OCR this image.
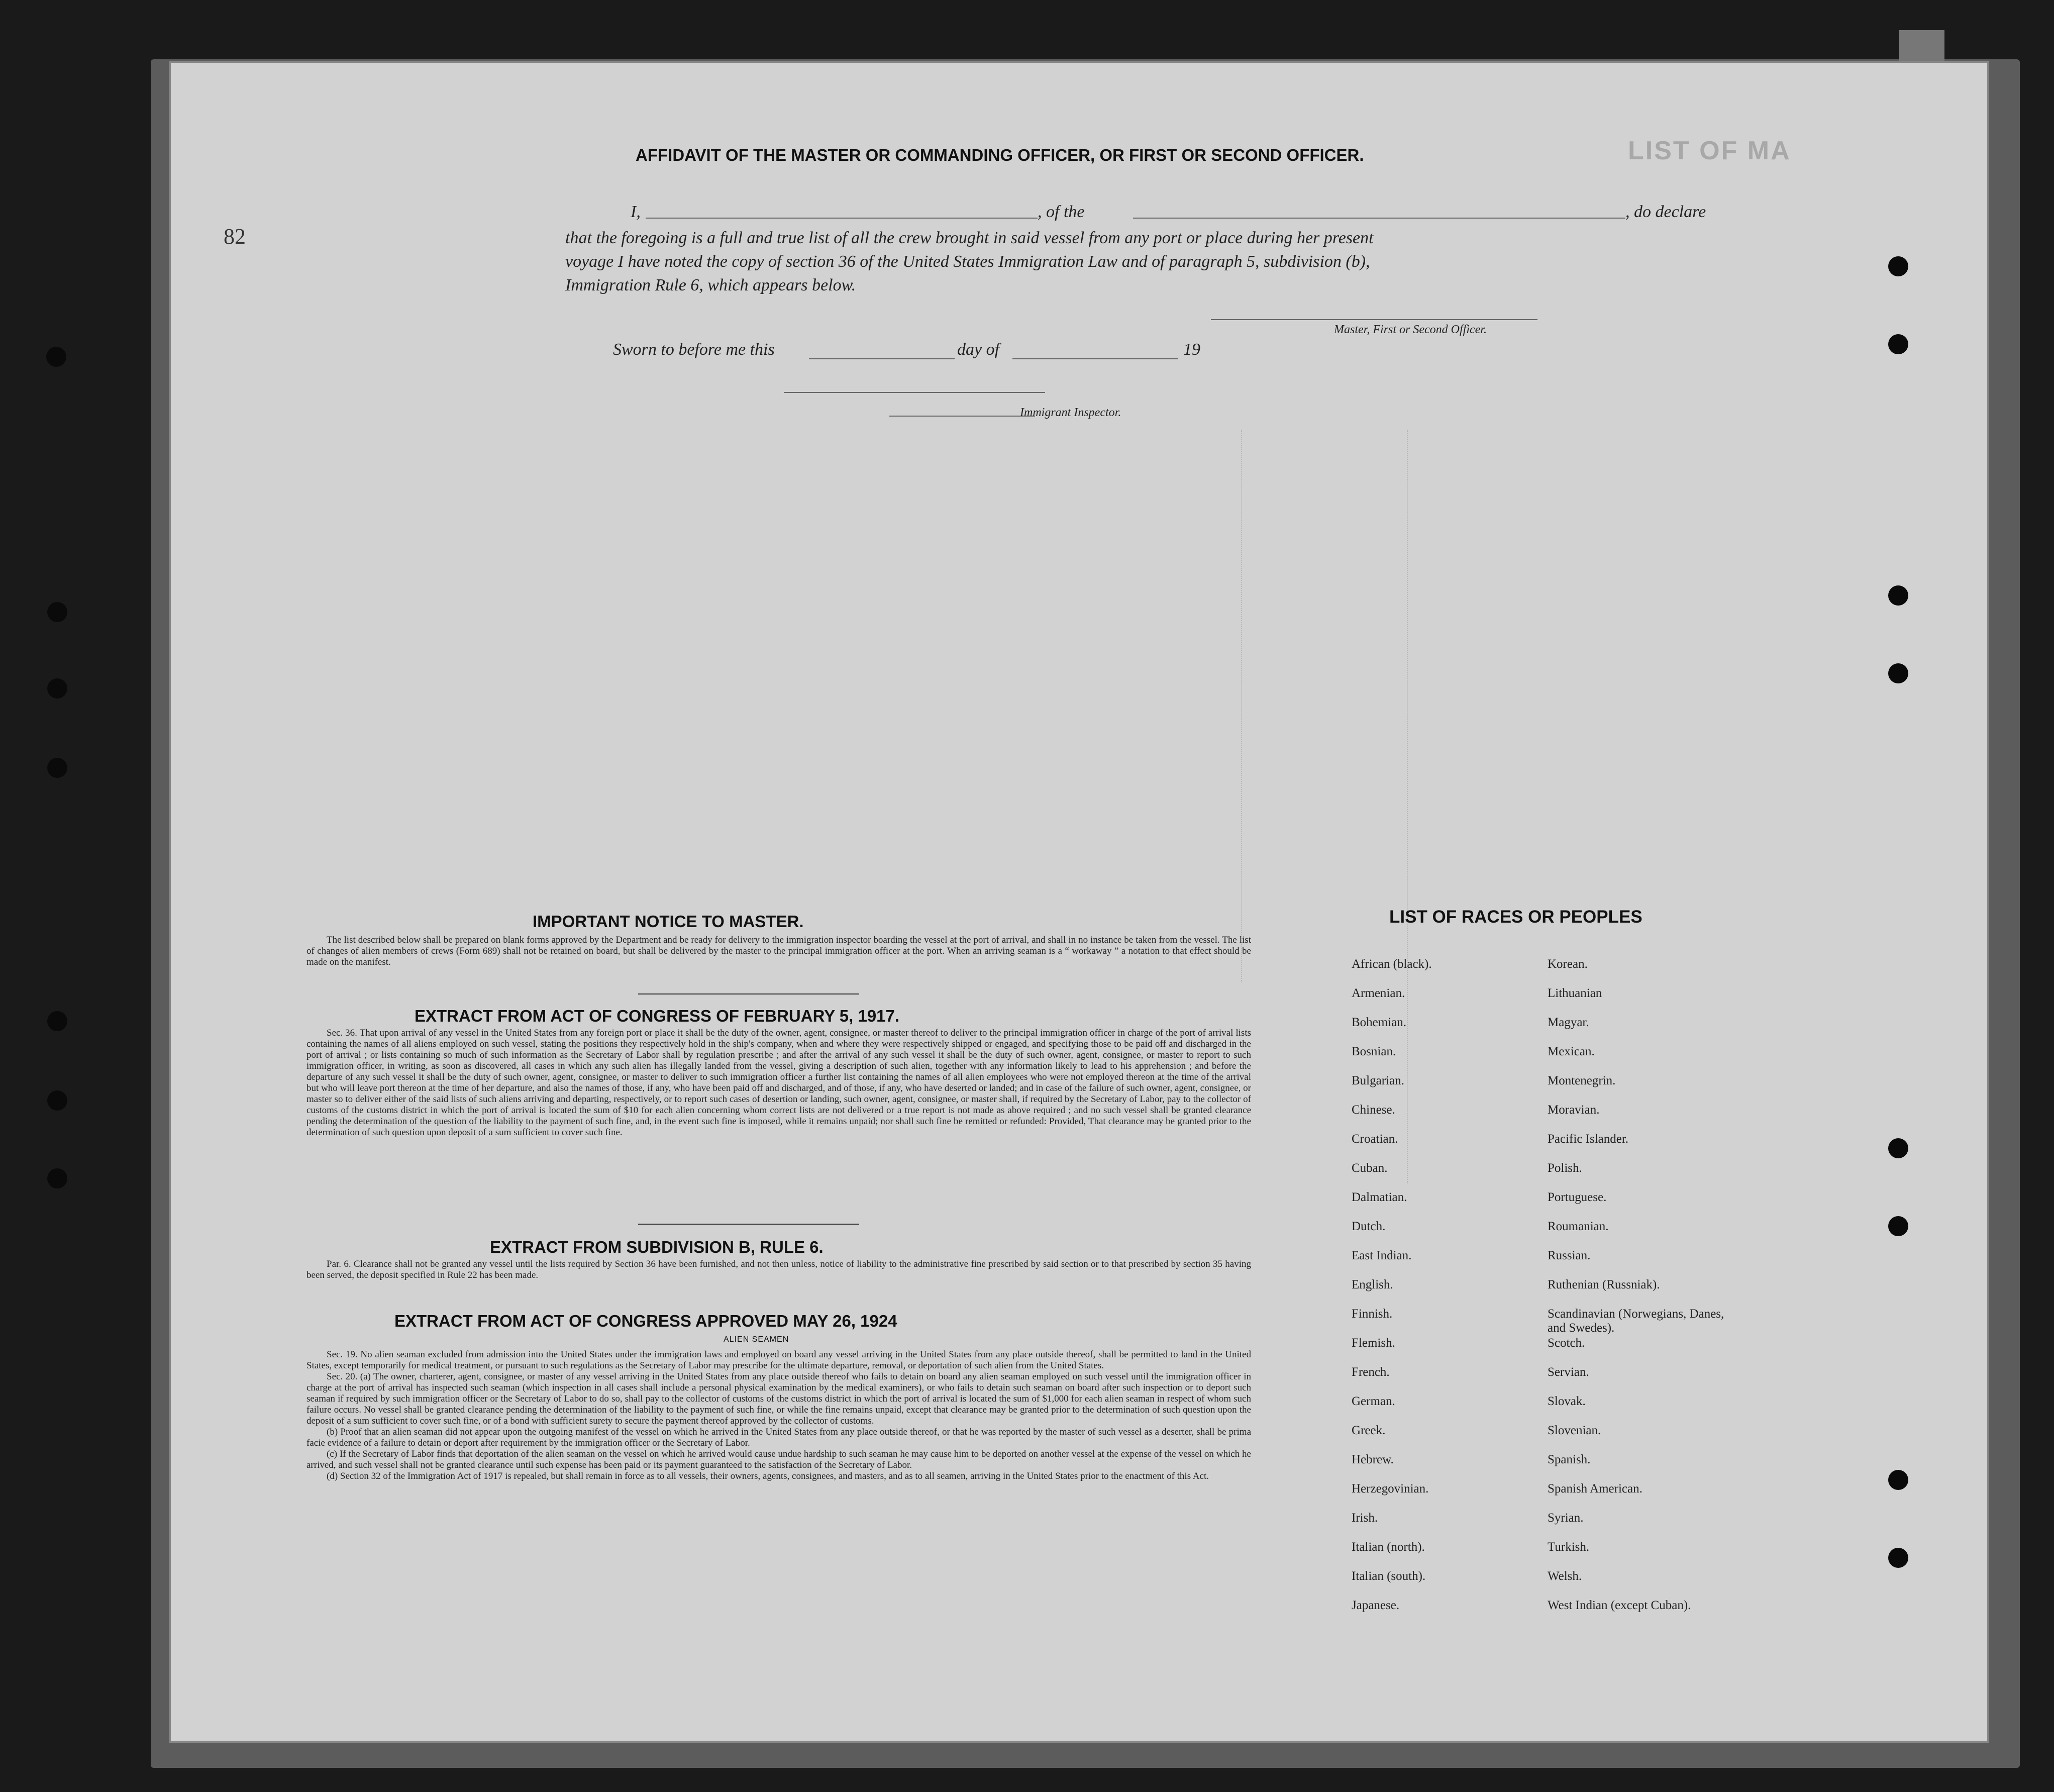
LIST OF MA
82
AFFIDAVIT OF THE MASTER OR COMMANDING OFFICER, OR FIRST OR SECOND OFFICER.
I,	, of the	, do declare
that the foregoing is a full and true list of all the crew brought in said vessel from any port or place during her present
voyage I have noted the copy of section 36 of the United States Immigration Law and of paragraph 5, subdivision (b),
Immigration Rule 6, which appears below.
Master, First or Second Officer.
Sworn to before me this	day of	19
Immigrant Inspector.
IMPORTANT NOTICE TO MASTER.

The list described below shall be prepared on blank forms approved by the Department and be ready for delivery to the immigration inspector boarding the vessel at the port of arrival, and shall in no instance be taken from the vessel. The list of changes of alien members of crews (Form 689) shall not be retained on board, but shall be delivered by the master to the principal immigration officer at the port. When an arriving seaman is a “ workaway ” a notation to that effect should be made on the manifest.

EXTRACT FROM ACT OF CONGRESS OF FEBRUARY 5, 1917.

Sec. 36. That upon arrival of any vessel in the United States from any foreign port or place it shall be the duty of the owner, agent, consignee, or master thereof to deliver to the principal immigration officer in charge of the port of arrival lists containing the names of all aliens employed on such vessel, stating the positions they respectively hold in the ship's company, when and where they were respectively shipped or engaged, and specifying those to be paid off and discharged in the port of arrival ; or lists containing so much of such information as the Secretary of Labor shall by regulation prescribe ; and after the arrival of any such vessel it shall be the duty of such owner, agent, consignee, or master to report to such immigration officer, in writing, as soon as discovered, all cases in which any such alien has illegally landed from the vessel, giving a description of such alien, together with any information likely to lead to his apprehension ; and before the departure of any such vessel it shall be the duty of such owner, agent, consignee, or master to deliver to such immigration officer a further list containing the names of all alien employees who were not employed thereon at the time of the arrival but who will leave port thereon at the time of her departure, and also the names of those, if any, who have been paid off and discharged, and of those, if any, who have deserted or landed; and in case of the failure of such owner, agent, consignee, or master so to deliver either of the said lists of such aliens arriving and departing, respectively, or to report such cases of desertion or landing, such owner, agent, consignee, or master shall, if required by the Secretary of Labor, pay to the collector of customs of the customs district in which the port of arrival is located the sum of $10 for each alien concerning whom correct lists are not delivered or a true report is not made as above required ; and no such vessel shall be granted clearance pending the determination of the question of the liability to the payment of such fine, and, in the event such fine is imposed, while it remains unpaid; nor shall such fine be remitted or refunded: Provided, That clearance may be granted prior to the determination of such question upon deposit of a sum sufficient to cover such fine.

EXTRACT FROM SUBDIVISION B, RULE 6.

Par. 6. Clearance shall not be granted any vessel until the lists required by Section 36 have been furnished, and not then unless, notice of liability to the administrative fine prescribed by said section or to that prescribed by section 35 having been served, the deposit specified in Rule 22 has been made.

EXTRACT FROM ACT OF CONGRESS APPROVED MAY 26, 1924
ALIEN SEAMEN

Sec. 19. No alien seaman excluded from admission into the United States under the immigration laws and employed on board any vessel arriving in the United States from any place outside thereof, shall be permitted to land in the United States, except temporarily for medical treatment, or pursuant to such regulations as the Secretary of Labor may prescribe for the ultimate departure, removal, or deportation of such alien from the United States.

Sec. 20. (a) The owner, charterer, agent, consignee, or master of any vessel arriving in the United States from any place outside thereof who fails to detain on board any alien seaman employed on such vessel until the immigration officer in charge at the port of arrival has inspected such seaman (which inspection in all cases shall include a personal physical examination by the medical examiners), or who fails to detain such seaman on board after such inspection or to deport such seaman if required by such immigration officer or the Secretary of Labor to do so, shall pay to the collector of customs of the customs district in which the port of arrival is located the sum of $1,000 for each alien seaman in respect of whom such failure occurs. No vessel shall be granted clearance pending the determination of the liability to the payment of such fine, or while the fine remains unpaid, except that clearance may be granted prior to the determination of such question upon the deposit of a sum sufficient to cover such fine, or of a bond with sufficient surety to secure the payment thereof approved by the collector of customs.

(b) Proof that an alien seaman did not appear upon the outgoing manifest of the vessel on which he arrived in the United States from any place outside thereof, or that he was reported by the master of such vessel as a deserter, shall be prima facie evidence of a failure to detain or deport after requirement by the immigration officer or the Secretary of Labor.

(c) If the Secretary of Labor finds that deportation of the alien seaman on the vessel on which he arrived would cause undue hardship to such seaman he may cause him to be deported on another vessel at the expense of the vessel on which he arrived, and such vessel shall not be granted clearance until such expense has been paid or its payment guaranteed to the satisfaction of the Secretary of Labor.

(d) Section 32 of the Immigration Act of 1917 is repealed, but shall remain in force as to all vessels, their owners, agents, consignees, and masters, and as to all seamen, arriving in the United States prior to the enactment of this Act.

LIST OF RACES OR PEOPLES
African (black).
Armenian.
Bohemian.
Bosnian.
Bulgarian.
Chinese.
Croatian.
Cuban.
Dalmatian.
Dutch.
East Indian.
English.
Finnish.
Flemish.
French.
German.
Greek.
Hebrew.
Herzegovinian.
Irish.
Italian (north).
Italian (south).
Japanese.
Korean.
Lithuanian
Magyar.
Mexican.
Montenegrin.
Moravian.
Pacific Islander.
Polish.
Portuguese.
Roumanian.
Russian.
Ruthenian (Russniak).
Scandinavian (Norwegians, Danes, and Swedes).
Scotch.
Servian.
Slovak.
Slovenian.
Spanish.
Spanish American.
Syrian.
Turkish.
Welsh.
West Indian (except Cuban).
